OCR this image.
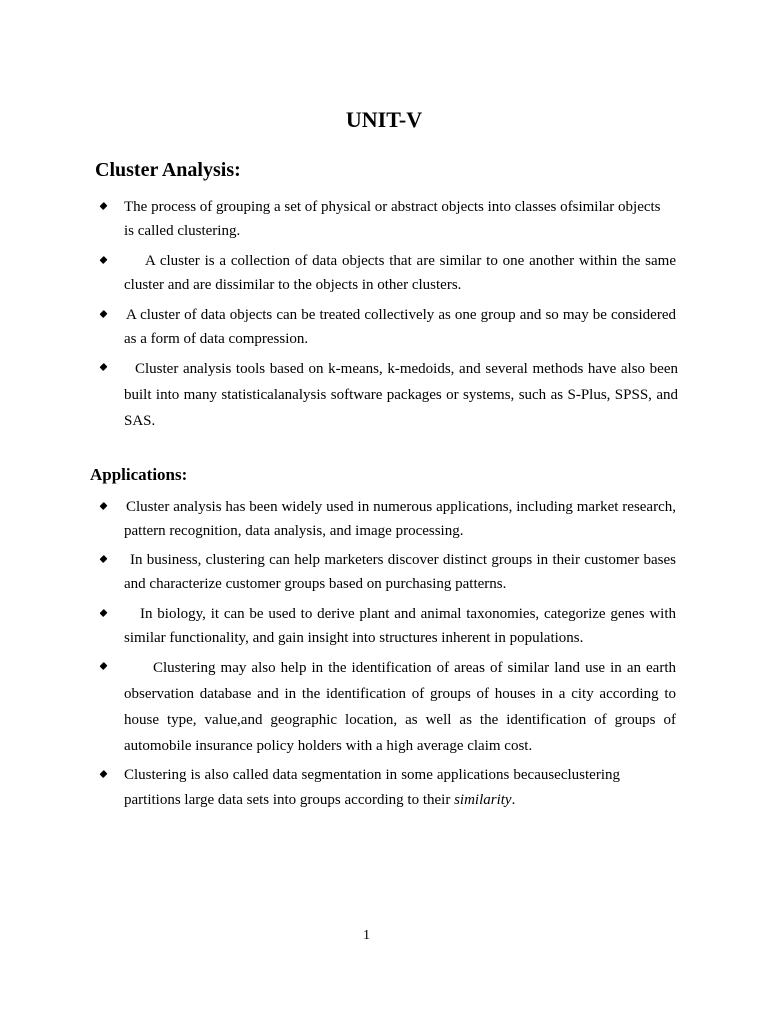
UNIT-V
Cluster Analysis:
The process of grouping a set of physical or abstract objects into classes ofsimilar objects is called clustering.
A cluster is a collection of data objects that are similar to one another within the same cluster and are dissimilar to the objects in other clusters.
A cluster of data objects can be treated collectively as one group and so may be considered as a form of data compression.
Cluster analysis tools based on k-means, k-medoids, and several methods have also been built into many statisticalanalysis software packages or systems, such as S-Plus, SPSS, and SAS.
Applications:
Cluster analysis has been widely used in numerous applications, including market research, pattern recognition, data analysis, and image processing.
In business, clustering can help marketers discover distinct groups in their customer bases and characterize customer groups based on purchasing patterns.
In biology, it can be used to derive plant and animal taxonomies, categorize genes with similar functionality, and gain insight into structures inherent in populations.
Clustering may also help in the identification of areas of similar land use in an earth observation database and in the identification of groups of houses in a city according to house type, value,and geographic location, as well as the identification of groups of automobile insurance policy holders with a high average claim cost.
Clustering is also called data segmentation in some applications becauseclustering partitions large data sets into groups according to their similarity.
1
